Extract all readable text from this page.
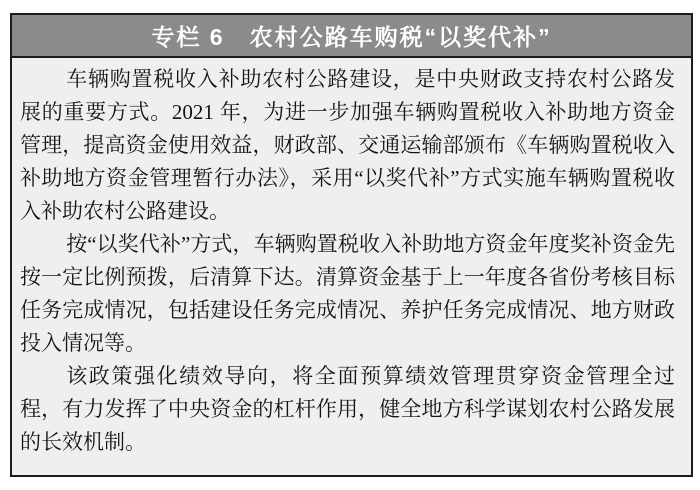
专栏 6　农村公路车购税“以奖代补”

车辆购置税收入补助农村公路建设，是中央财政支持农村公路发展的重要方式。2021 年，为进一步加强车辆购置税收入补助地方资金管理，提高资金使用效益，财政部、交通运输部颁布《车辆购置税收入补助地方资金管理暂行办法》，采用“以奖代补”方式实施车辆购置税收入补助农村公路建设。

按“以奖代补”方式，车辆购置税收入补助地方资金年度奖补资金先按一定比例预拨，后清算下达。清算资金基于上一年度各省份考核目标任务完成情况，包括建设任务完成情况、养护任务完成情况、地方财政投入情况等。

该政策强化绩效导向，将全面预算绩效管理贯穿资金管理全过程，有力发挥了中央资金的杠杆作用，健全地方科学谋划农村公路发展的长效机制。
